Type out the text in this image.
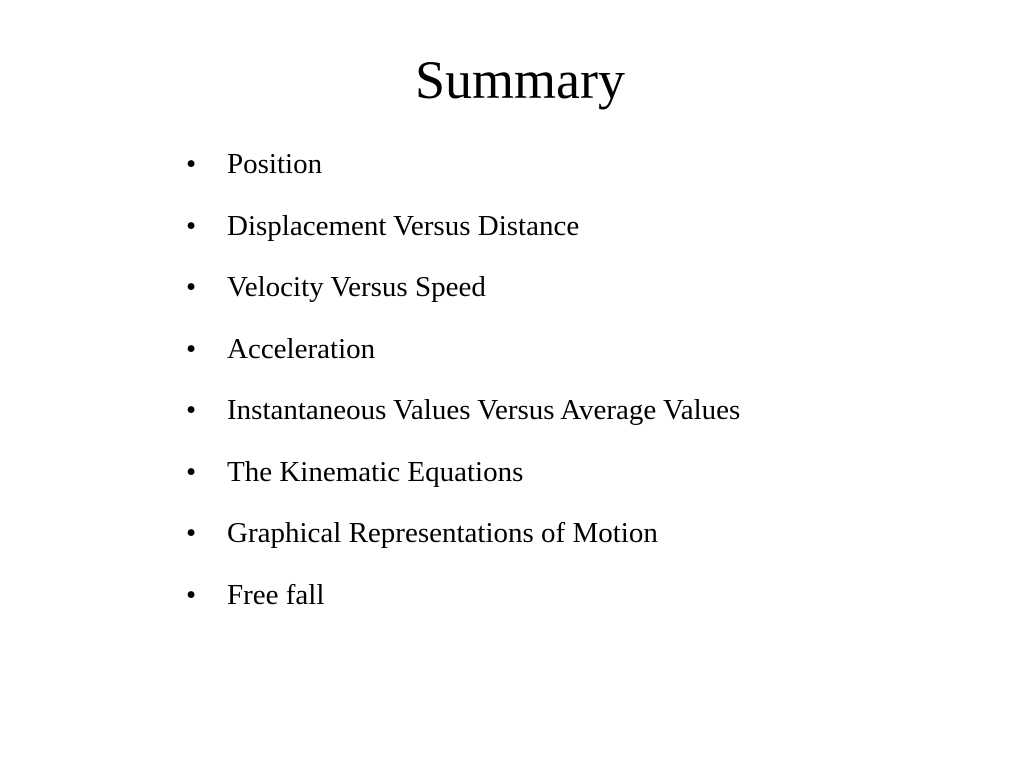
Summary
•	Position
•	Displacement Versus Distance
•	Velocity Versus Speed
•	Acceleration
•	Instantaneous Values Versus Average Values
•	The Kinematic Equations
•	Graphical Representations of Motion
•	Free fall
